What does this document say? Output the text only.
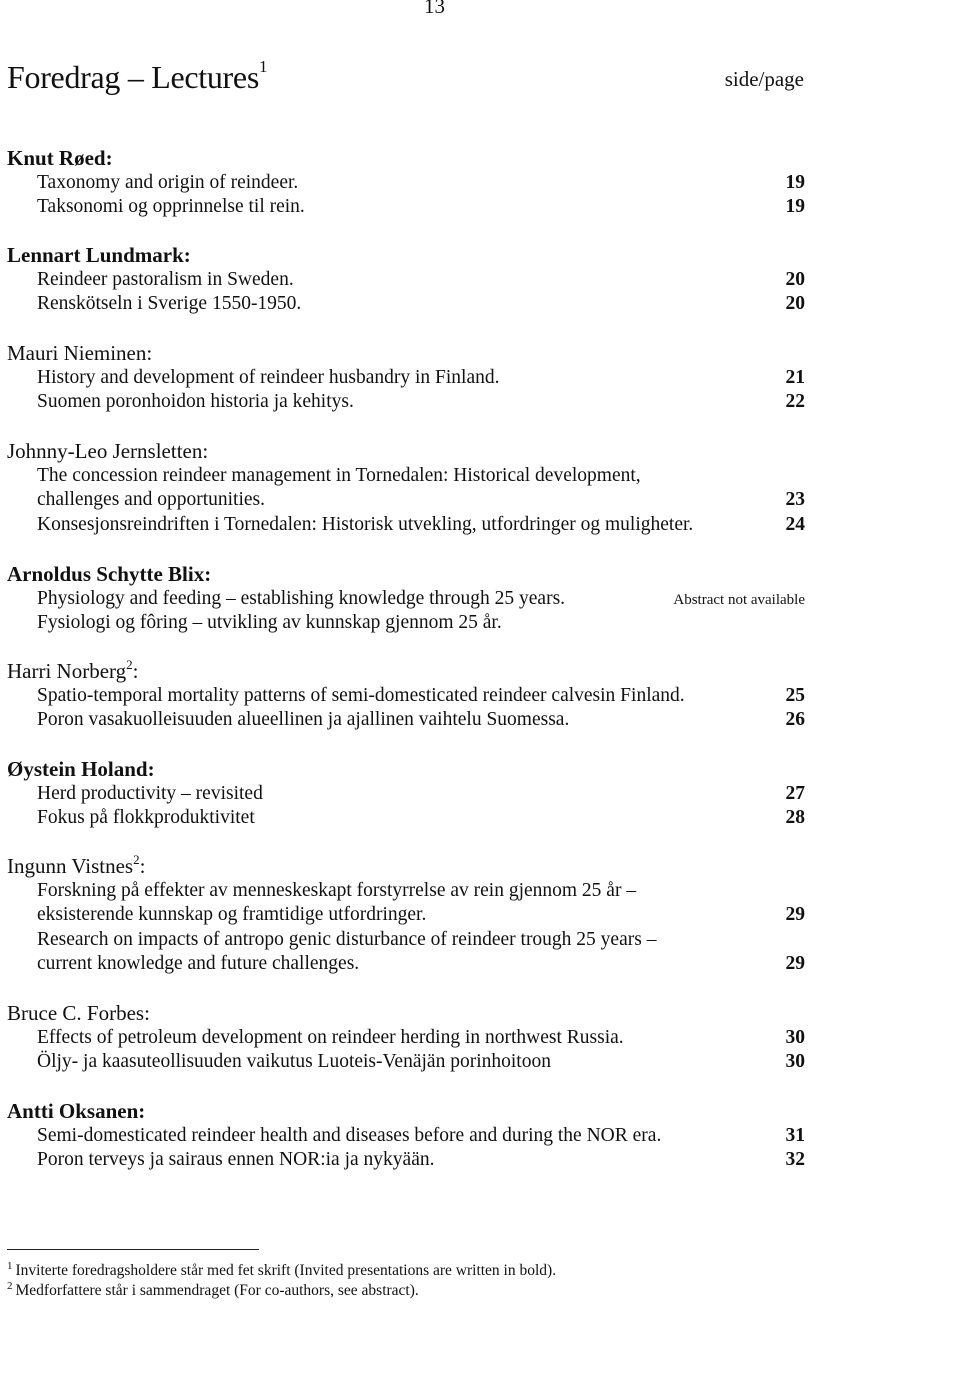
13
Foredrag – Lectures$^1$
side/page
Knut Røed:
Taxonomy and origin of reindeer.	19
Taksonomi og opprinnelse til rein.	19
Lennart Lundmark:
Reindeer pastoralism in Sweden.	20
Renskötseln i Sverige 1550-1950.	20
Mauri Nieminen:
History and development of reindeer husbandry in Finland.	21
Suomen poronhoidon historia ja kehitys.	22
Johnny-Leo Jernsletten:
The concession reindeer management in Tornedalen: Historical development,
challenges and opportunities.	23
Konsesjonsreindriften i Tornedalen: Historisk utvekling, utfordringer og muligheter.	24
Arnoldus Schytte Blix:
Physiology and feeding – establishing knowledge through 25 years.	Abstract not available
Fysiologi og fôring – utvikling av kunnskap gjennom 25 år.
Harri Norberg$^2$:
Spatio-temporal mortality patterns of semi-domesticated reindeer calvesin Finland.	25
Poron vasakuolleisuuden alueellinen ja ajallinen vaihtelu Suomessa.	26
Øystein Holand:
Herd productivity – revisited	27
Fokus på flokkproduktivitet	28
Ingunn Vistnes$^2$:
Forskning på effekter av menneskeskapt forstyrrelse av rein gjennom 25 år –
eksisterende kunnskap og framtidige utfordringer.	29
Research on impacts of antropo genic disturbance of reindeer trough 25 years –
current knowledge and future challenges.	29
Bruce C. Forbes:
Effects of petroleum development on reindeer herding in northwest Russia.	30
Öljy- ja kaasuteollisuuden vaikutus Luoteis-Venäjän porinhoitoon	30
Antti Oksanen:
Semi-domesticated reindeer health and diseases before and during the NOR era.	31
Poron terveys ja sairaus ennen NOR:ia ja nykyään.	32
$^1$ Inviterte foredragsholdere står med fet skrift (Invited presentations are written in bold).
$^2$ Medforfattere står i sammendraget (For co-authors, see abstract).
